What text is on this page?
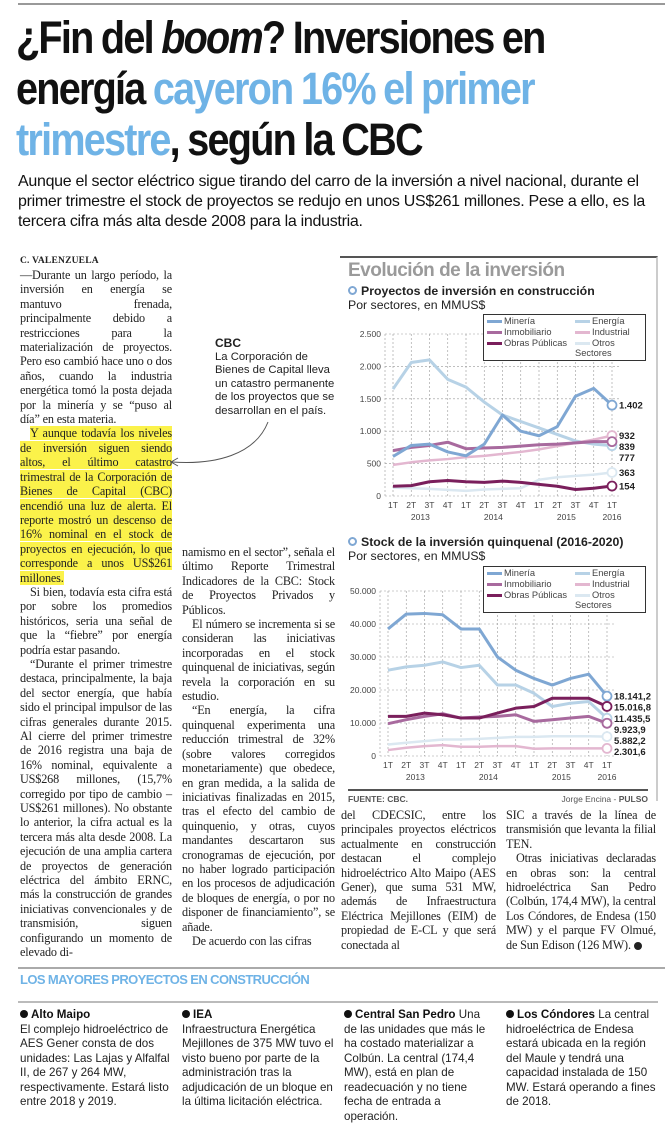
¿Fin del boom? Inversiones en energía cayeron 16% el primer trimestre, según la CBC

Aunque el sector eléctrico sigue tirando del carro de la inversión a nivel nacional, durante el primer trimestre el stock de proyectos se redujo en unos US$261 millones. Pese a ello, es la tercera cifra más alta desde 2008 para la industria.

C. VALENZUELA

—Durante un largo período, la inversión en energía se mantuvo frenada, principalmente debido a restricciones para la materialización de proyectos. Pero eso cambió hace uno o dos años, cuando la industria energética tomó la posta dejada por la minería y se “puso al día” en esta materia.

Y aunque todavía los niveles de inversión siguen siendo altos, el último catastro trimestral de la Corporación de Bienes de Capital (CBC) encendió una luz de alerta. El reporte mostró un descenso de 16% nominal en el stock de proyectos en ejecución, lo que corresponde a unos US$261 millones.

Si bien, todavía esta cifra está por sobre los promedios históricos, seria una señal de que la “fiebre” por energía podría estar pasando.

“Durante el primer trimestre destaca, principalmente, la baja del sector energía, que había sido el principal impulsor de las cifras generales durante 2015. Al cierre del primer trimestre de 2016 registra una baja de 16% nominal, equivalente a US$268 millones, (15,7% corregido por tipo de cambio –US$261 millones). No obstante lo anterior, la cifra actual es la tercera más alta desde 2008. La ejecución de una amplia cartera de proyectos de generación eléctrica del ámbito ERNC, más la construcción de grandes iniciativas convencionales y de transmisión, siguen configurando un momento de elevado di-

CBC
La Corporación de Bienes de Capital lleva un catastro permanente de los proyectos que se desarrollan en el país.

namismo en el sector”, señala el último Reporte Trimestral Indicadores de la CBC: Stock de Proyectos Privados y Públicos.

El número se incrementa si se consideran las iniciativas incorporadas en el stock quinquenal de iniciativas, según revela la corporación en su estudio.

“En energía, la cifra quinquenal experimenta una reducción trimestral de 32% (sobre valores corregidos monetariamente) que obedece, en gran medida, a la salida de iniciativas finalizadas en 2015, tras el efecto del cambio de quinquenio, y otras, cuyos mandantes descartaron sus cronogramas de ejecución, por no haber logrado participación en los procesos de adjudicación de bloques de energía, o por no disponer de financiamiento”, se añade.

De acuerdo con las cifras

Evolución de la inversión
Proyectos de inversión en construcción
Por sectores, en MMUS$
Minería	Energía
Inmobiliario	Industrial
Obras Públicas	Otros Sectores
Stock de la inversión quinquenal (2016-2020)
Por sectores, en MMUS$
0
500
1.000
1.500
2.000
2.500
1T 2T 3T 4T 1T 2T 3T 4T 1T 2T 3T 4T 1T
2013	2014	2015	2016
1.402
932
839
777
363
154
0
10.000
20.000
30.000
40.000
50.000
1T 2T 3T 4T 1T 2T 3T 4T 1T 2T 3T 4T 1T
2013	2014	2015	2016
18.141,2
15.016,8
11.435,5
9.923,9
5.882,2
2.301,6
Minería	Energía
Inmobiliario	Industrial
Obras Públicas	Otros Sectores
FUENTE: CBC.	Jorge Encina - PULSO

del CDECSIC, entre los principales proyectos eléctricos actualmente en construcción destacan el complejo hidroeléctrico Alto Maipo (AES Gener), que suma 531 MW, además de Infraestructura Eléctrica Mejillones (EIM) de propiedad de E-CL y que será conectada al

SIC a través de la línea de transmisión que levanta la filial TEN.

Otras iniciativas declaradas en obras son: la central hidroeléctrica San Pedro (Colbún, 174,4 MW), la central Los Cóndores, de Endesa (150 MW) y el parque FV Olmué, de Sun Edison (126 MW).

LOS MAYORES PROYECTOS EN CONSTRUCCIÓN
Alto Maipo
El complejo hidroeléctrico de AES Gener consta de dos unidades: Las Lajas y Alfalfal II, de 267 y 264 MW, respectivamente. Estará listo entre 2018 y 2019.
IEA
Infraestructura Energética Mejillones de 375 MW tuvo el visto bueno por parte de la administración tras la adjudicación de un bloque en la última licitación eléctrica.
Central San Pedro Una de las unidades que más le ha costado materializar a Colbún. La central (174,4 MW), está en plan de readecuación y no tiene fecha de entrada a operación.
Los Cóndores La central hidroeléctrica de Endesa estará ubicada en la región del Maule y tendrá una capacidad instalada de 150 MW. Estará operando a fines de 2018.
